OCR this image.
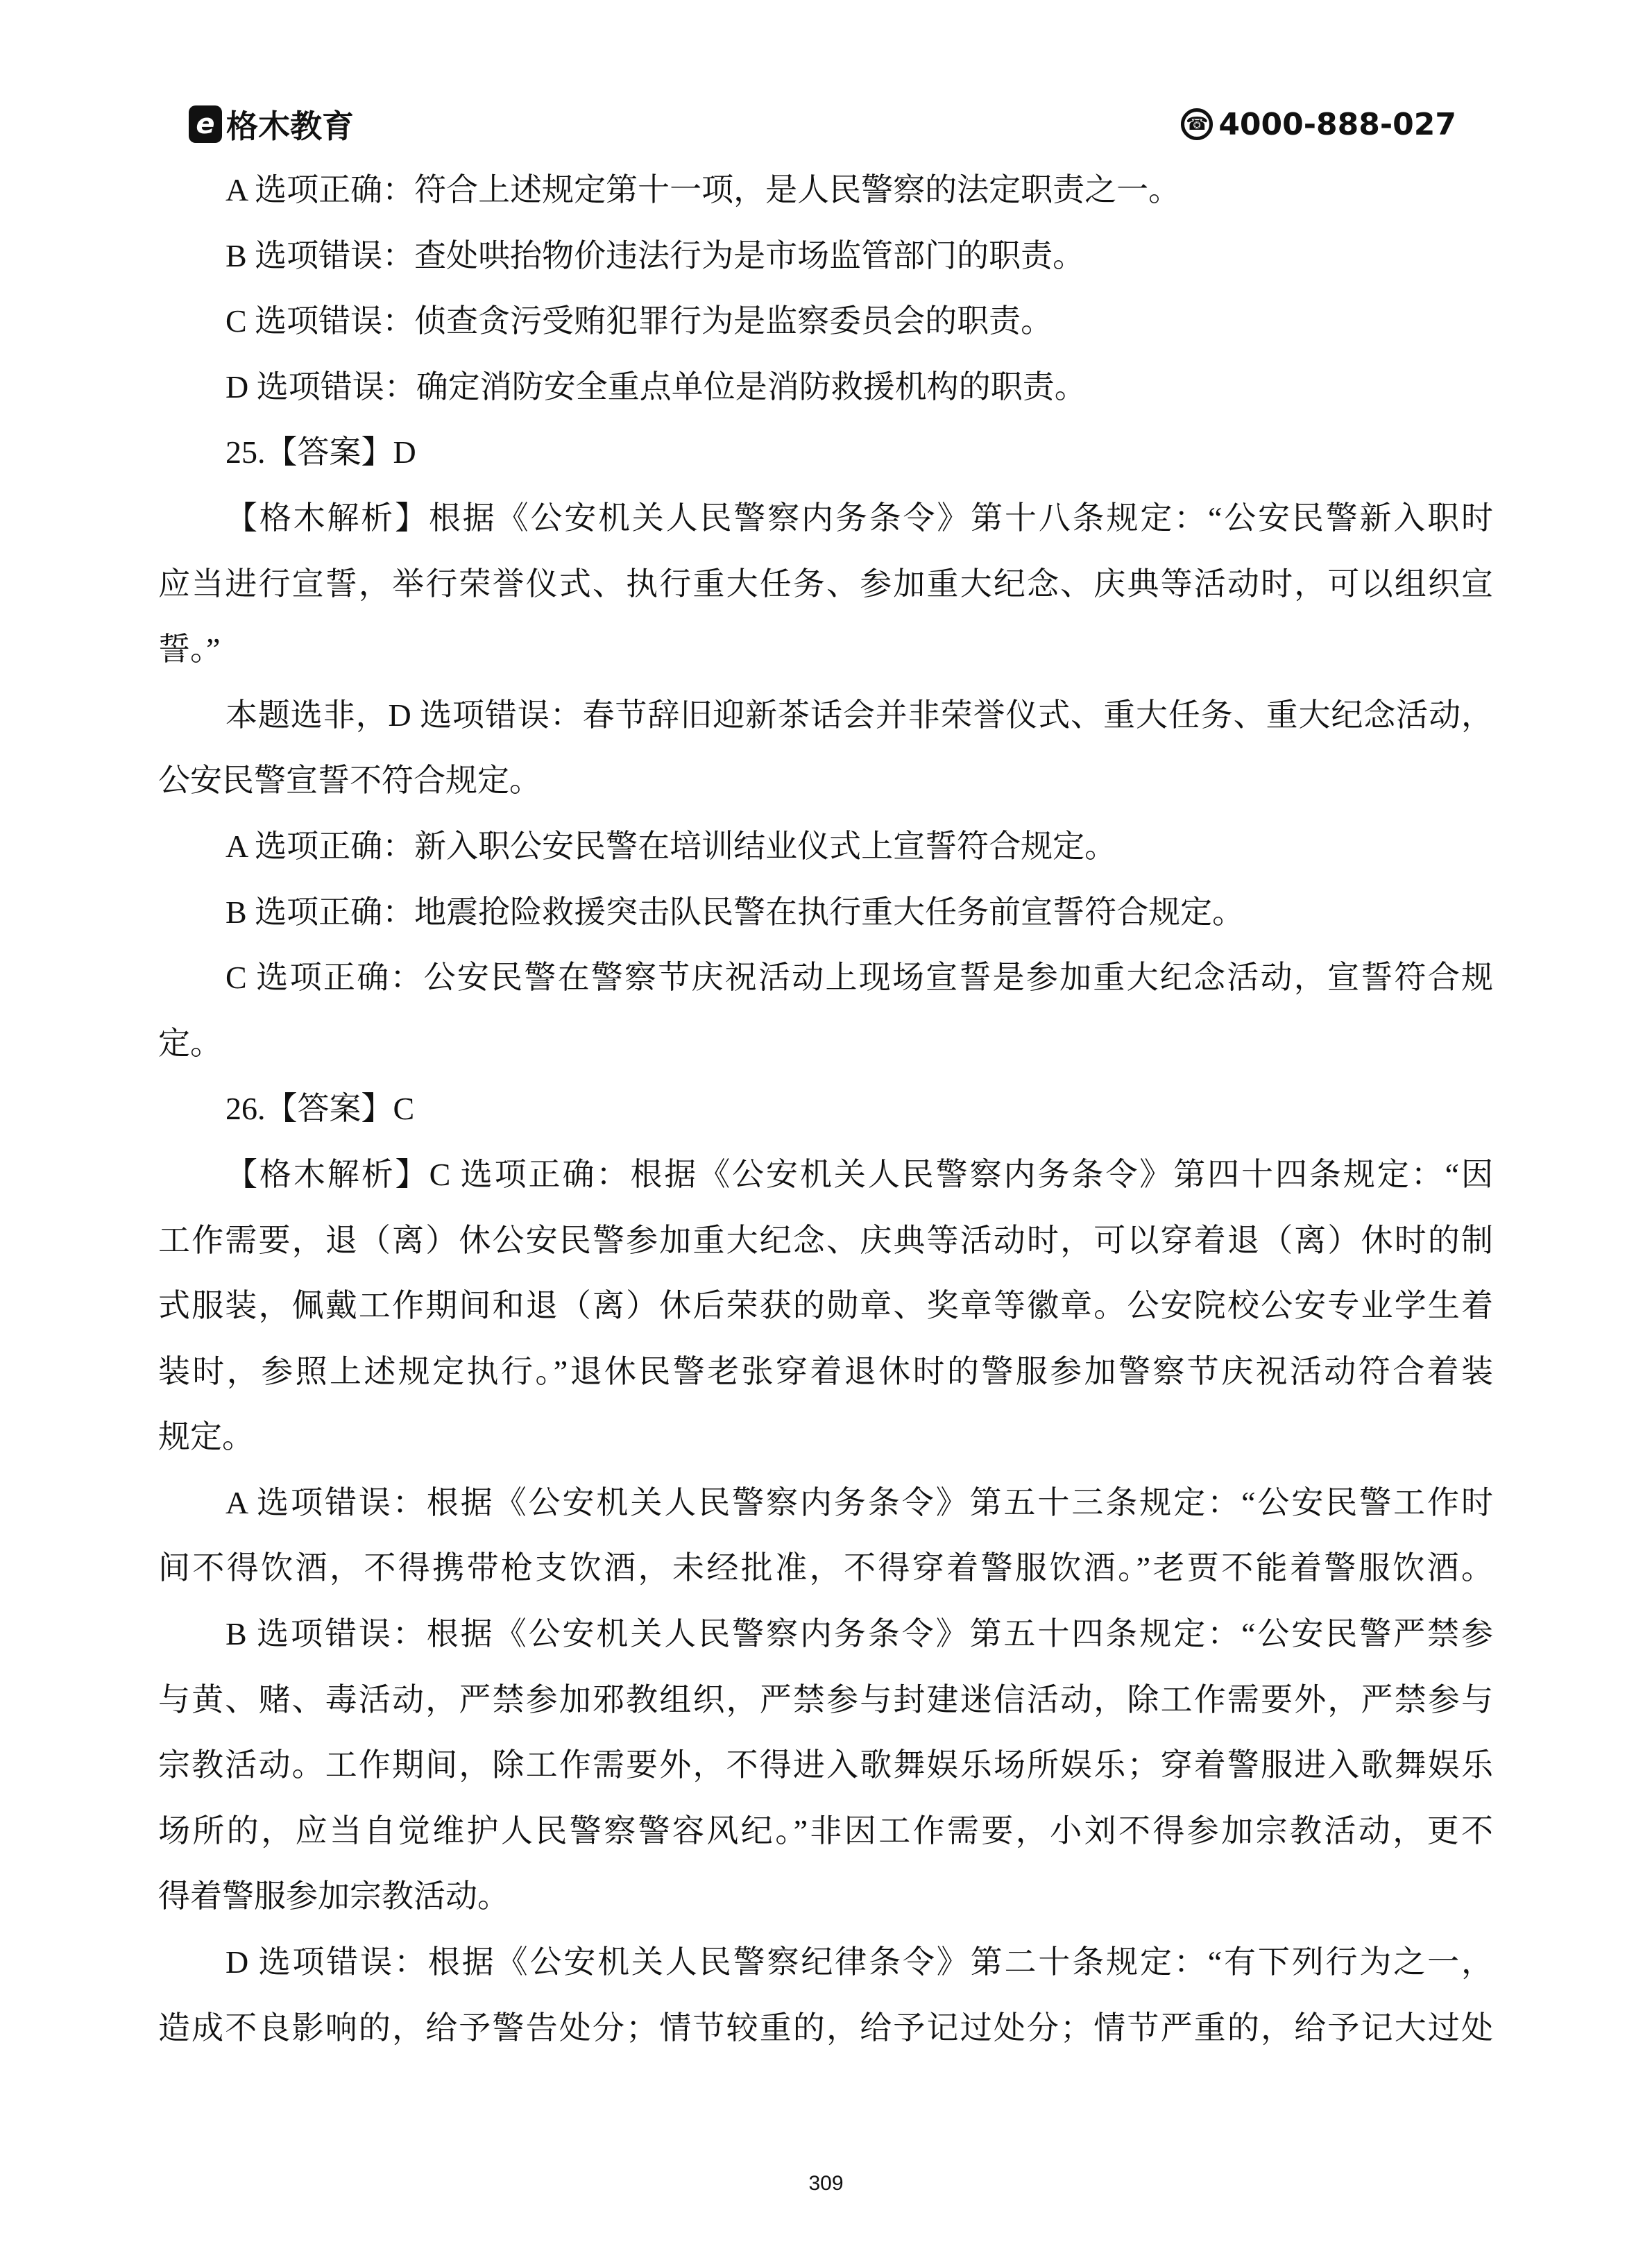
e 格木教育	☎ 4000-888-027
A 选项正确：符合上述规定第十一项，是人民警察的法定职责之一。
B 选项错误：查处哄抬物价违法行为是市场监管部门的职责。
C 选项错误：侦查贪污受贿犯罪行为是监察委员会的职责。
D 选项错误：确定消防安全重点单位是消防救援机构的职责。
25.【答案】D
【格木解析】根据《公安机关人民警察内务条令》第十八条规定：“公安民警新入职时
应当进行宣誓，举行荣誉仪式、执行重大任务、参加重大纪念、庆典等活动时，可以组织宣
誓。”
本题选非，D 选项错误：春节辞旧迎新茶话会并非荣誉仪式、重大任务、重大纪念活动，
公安民警宣誓不符合规定。
A 选项正确：新入职公安民警在培训结业仪式上宣誓符合规定。
B 选项正确：地震抢险救援突击队民警在执行重大任务前宣誓符合规定。
C 选项正确：公安民警在警察节庆祝活动上现场宣誓是参加重大纪念活动，宣誓符合规
定。
26.【答案】C
【格木解析】C 选项正确：根据《公安机关人民警察内务条令》第四十四条规定：“因
工作需要，退（离）休公安民警参加重大纪念、庆典等活动时，可以穿着退（离）休时的制
式服装，佩戴工作期间和退（离）休后荣获的勋章、奖章等徽章。公安院校公安专业学生着
装时，参照上述规定执行。”退休民警老张穿着退休时的警服参加警察节庆祝活动符合着装
规定。
A 选项错误：根据《公安机关人民警察内务条令》第五十三条规定：“公安民警工作时
间不得饮酒，不得携带枪支饮酒，未经批准，不得穿着警服饮酒。”老贾不能着警服饮酒。
B 选项错误：根据《公安机关人民警察内务条令》第五十四条规定：“公安民警严禁参
与黄、赌、毒活动，严禁参加邪教组织，严禁参与封建迷信活动，除工作需要外，严禁参与
宗教活动。工作期间，除工作需要外，不得进入歌舞娱乐场所娱乐；穿着警服进入歌舞娱乐
场所的，应当自觉维护人民警察警容风纪。”非因工作需要，小刘不得参加宗教活动，更不
得着警服参加宗教活动。
D 选项错误：根据《公安机关人民警察纪律条令》第二十条规定：“有下列行为之一，
造成不良影响的，给予警告处分；情节较重的，给予记过处分；情节严重的，给予记大过处
309
